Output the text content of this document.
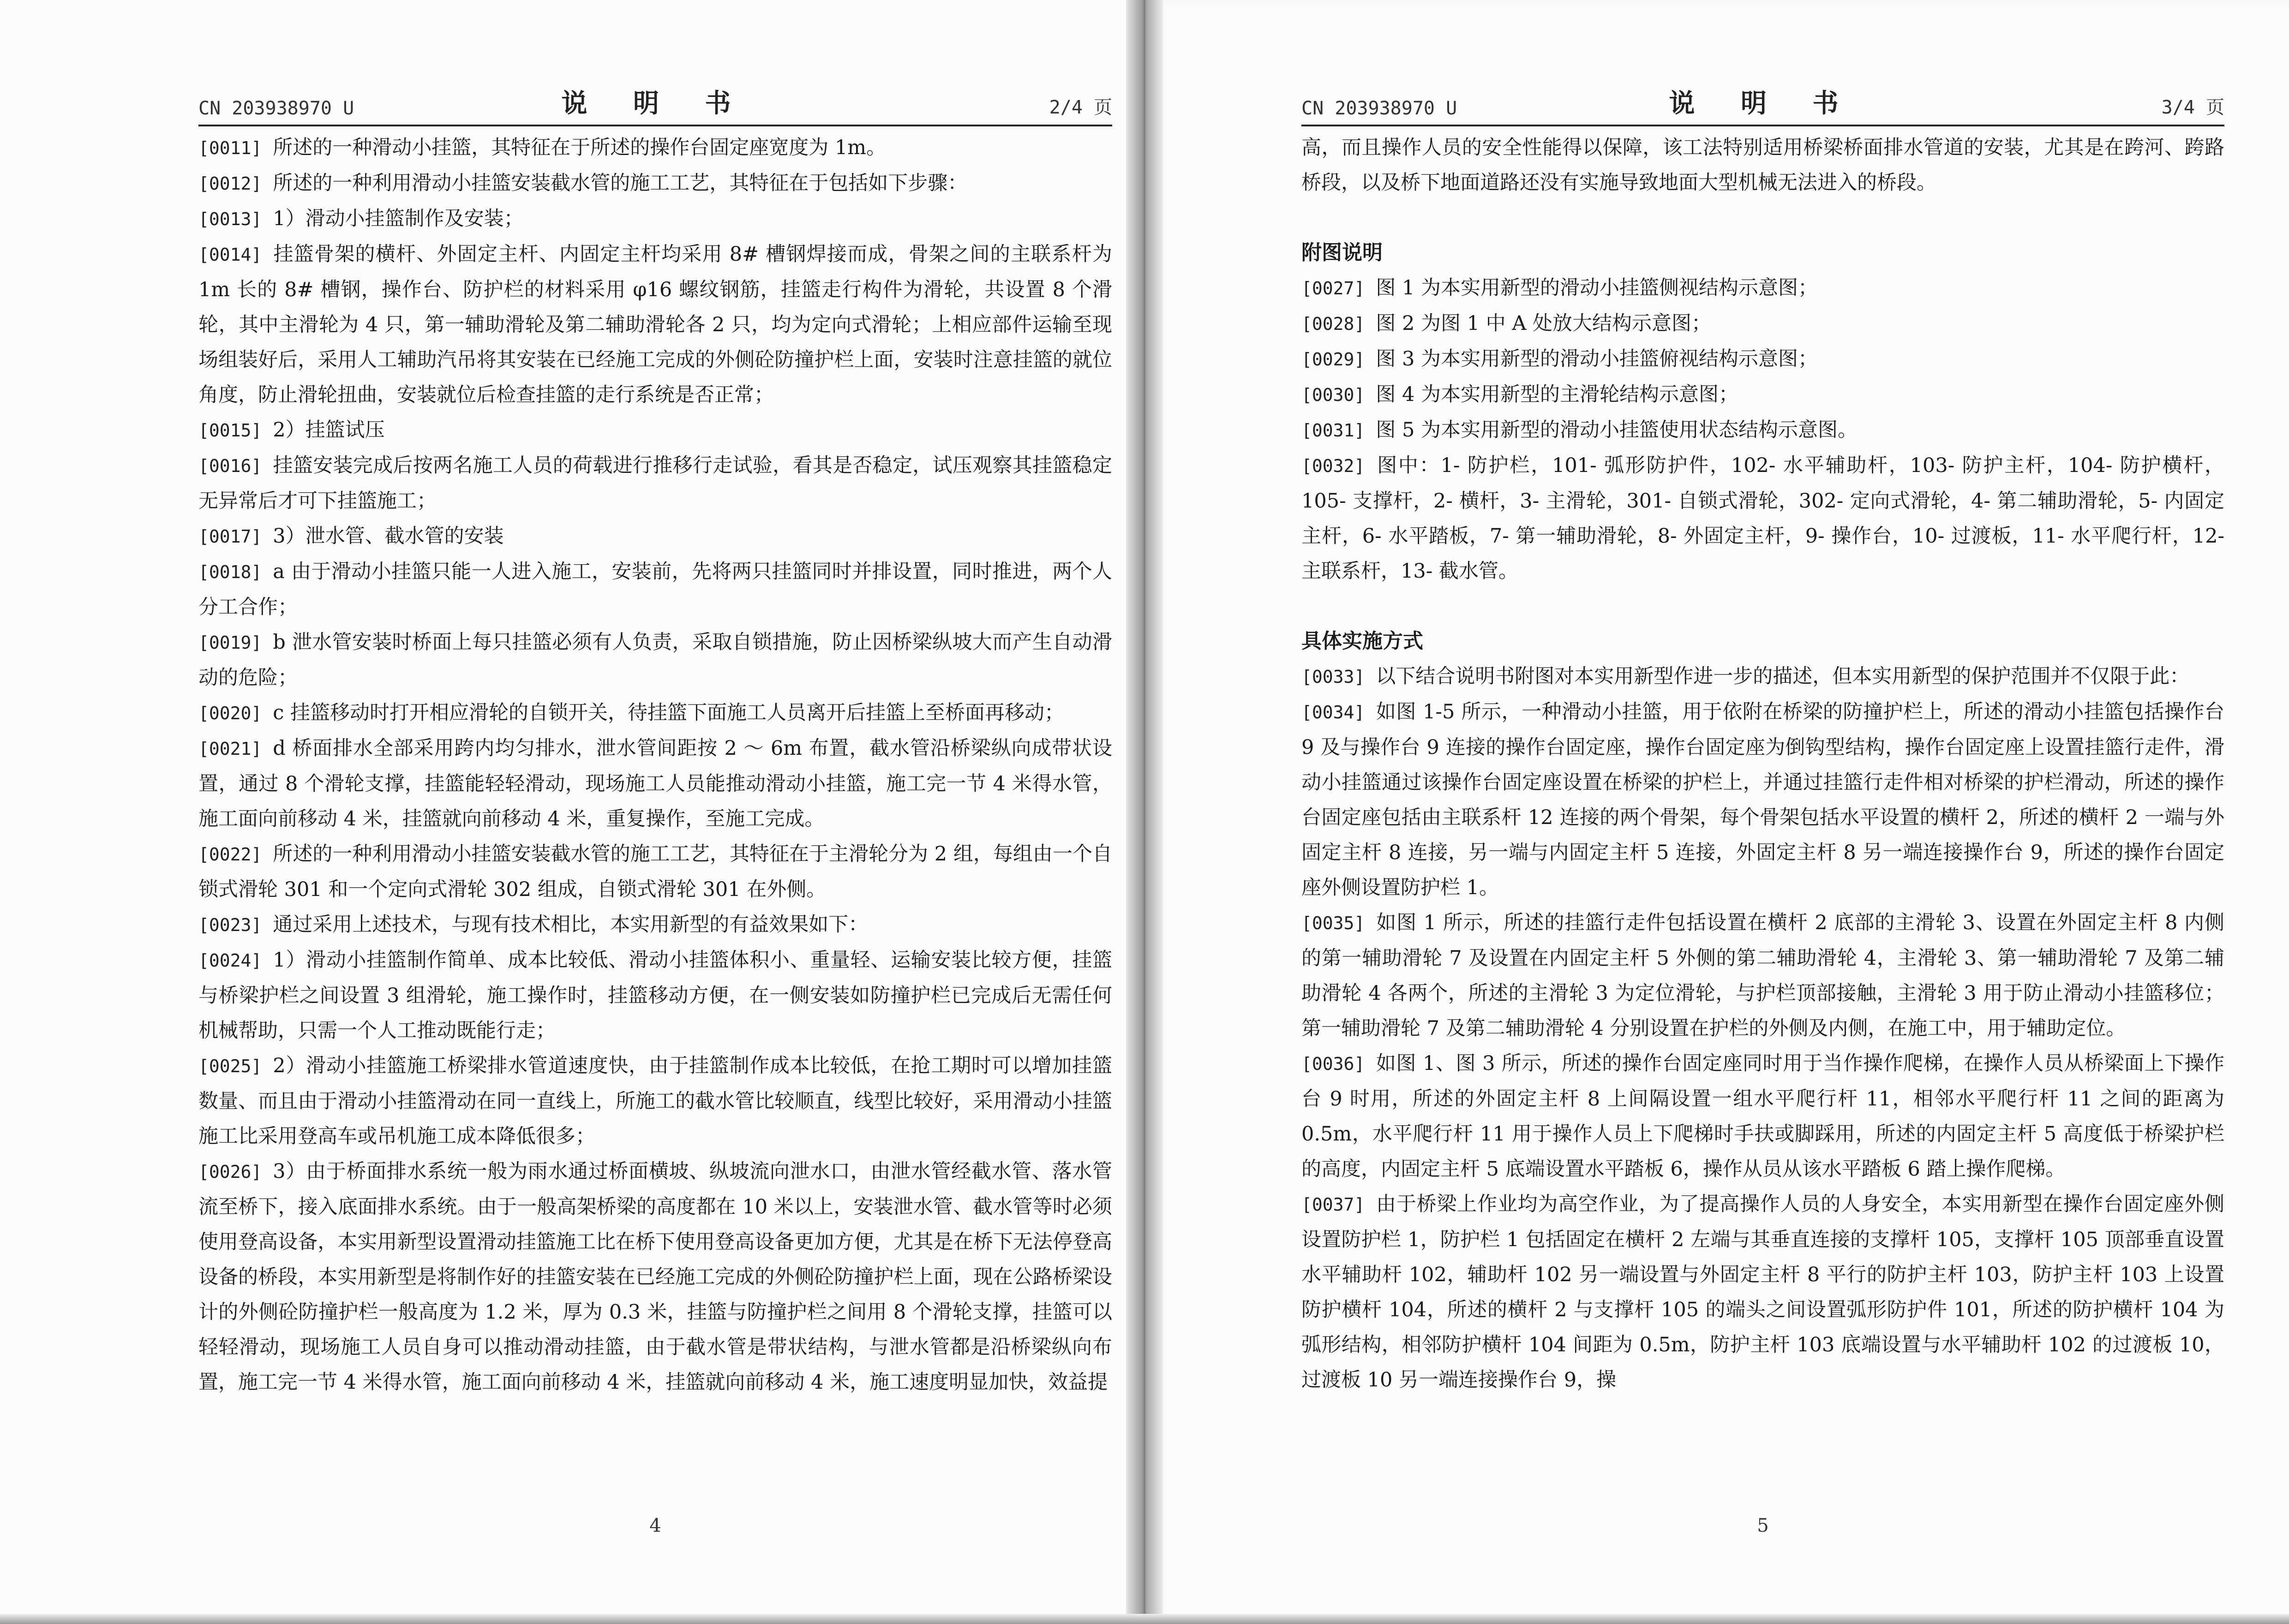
CN 203938970 U	说 明 书	2/4 页

[0011] 所述的一种滑动小挂篮，其特征在于所述的操作台固定座宽度为 1m。

[0012] 所述的一种利用滑动小挂篮安装截水管的施工工艺，其特征在于包括如下步骤：

[0013] 1）滑动小挂篮制作及安装；

[0014] 挂篮骨架的横杆、外固定主杆、内固定主杆均采用 8# 槽钢焊接而成，骨架之间的主联系杆为 1m 长的 8# 槽钢，操作台、防护栏的材料采用 φ16 螺纹钢筋，挂篮走行构件为滑轮，共设置 8 个滑轮，其中主滑轮为 4 只，第一辅助滑轮及第二辅助滑轮各 2 只，均为定向式滑轮；上相应部件运输至现场组装好后，采用人工辅助汽吊将其安装在已经施工完成的外侧砼防撞护栏上面，安装时注意挂篮的就位角度，防止滑轮扭曲，安装就位后检查挂篮的走行系统是否正常；

[0015] 2）挂篮试压

[0016] 挂篮安装完成后按两名施工人员的荷载进行推移行走试验，看其是否稳定，试压观察其挂篮稳定无异常后才可下挂篮施工；

[0017] 3）泄水管、截水管的安装

[0018] a 由于滑动小挂篮只能一人进入施工，安装前，先将两只挂篮同时并排设置，同时推进，两个人分工合作；

[0019] b 泄水管安装时桥面上每只挂篮必须有人负责，采取自锁措施，防止因桥梁纵坡大而产生自动滑动的危险；

[0020] c 挂篮移动时打开相应滑轮的自锁开关，待挂篮下面施工人员离开后挂篮上至桥面再移动；

[0021] d 桥面排水全部采用跨内均匀排水，泄水管间距按 2 ～ 6m 布置，截水管沿桥梁纵向成带状设置，通过 8 个滑轮支撑，挂篮能轻轻滑动，现场施工人员能推动滑动小挂篮，施工完一节 4 米得水管，施工面向前移动 4 米，挂篮就向前移动 4 米，重复操作，至施工完成。

[0022] 所述的一种利用滑动小挂篮安装截水管的施工工艺，其特征在于主滑轮分为 2 组，每组由一个自锁式滑轮 301 和一个定向式滑轮 302 组成，自锁式滑轮 301 在外侧。

[0023] 通过采用上述技术，与现有技术相比，本实用新型的有益效果如下：

[0024] 1）滑动小挂篮制作简单、成本比较低、滑动小挂篮体积小、重量轻、运输安装比较方便，挂篮与桥梁护栏之间设置 3 组滑轮，施工操作时，挂篮移动方便，在一侧安装如防撞护栏已完成后无需任何机械帮助，只需一个人工推动既能行走；

[0025] 2）滑动小挂篮施工桥梁排水管道速度快，由于挂篮制作成本比较低，在抢工期时可以增加挂篮数量、而且由于滑动小挂篮滑动在同一直线上，所施工的截水管比较顺直，线型比较好，采用滑动小挂篮施工比采用登高车或吊机施工成本降低很多；

[0026] 3）由于桥面排水系统一般为雨水通过桥面横坡、纵坡流向泄水口，由泄水管经截水管、落水管流至桥下，接入底面排水系统。由于一般高架桥梁的高度都在 10 米以上，安装泄水管、截水管等时必须使用登高设备，本实用新型设置滑动挂篮施工比在桥下使用登高设备更加方便，尤其是在桥下无法停登高设备的桥段，本实用新型是将制作好的挂篮安装在已经施工完成的外侧砼防撞护栏上面，现在公路桥梁设计的外侧砼防撞护栏一般高度为 1.2 米，厚为 0.3 米，挂篮与防撞护栏之间用 8 个滑轮支撑，挂篮可以轻轻滑动，现场施工人员自身可以推动滑动挂篮，由于截水管是带状结构，与泄水管都是沿桥梁纵向布置，施工完一节 4 米得水管，施工面向前移动 4 米，挂篮就向前移动 4 米，施工速度明显加快，效益提

4
CN 203938970 U	说 明 书	3/4 页

高，而且操作人员的安全性能得以保障，该工法特别适用桥梁桥面排水管道的安装，尤其是在跨河、跨路桥段，以及桥下地面道路还没有实施导致地面大型机械无法进入的桥段。

附图说明

[0027] 图 1 为本实用新型的滑动小挂篮侧视结构示意图；

[0028] 图 2 为图 1 中 A 处放大结构示意图；

[0029] 图 3 为本实用新型的滑动小挂篮俯视结构示意图；

[0030] 图 4 为本实用新型的主滑轮结构示意图；

[0031] 图 5 为本实用新型的滑动小挂篮使用状态结构示意图。

[0032] 图中：1- 防护栏，101- 弧形防护件，102- 水平辅助杆，103- 防护主杆，104- 防护横杆，105- 支撑杆，2- 横杆，3- 主滑轮，301- 自锁式滑轮，302- 定向式滑轮，4- 第二辅助滑轮，5- 内固定主杆，6- 水平踏板，7- 第一辅助滑轮，8- 外固定主杆，9- 操作台，10- 过渡板，11- 水平爬行杆，12- 主联系杆，13- 截水管。

具体实施方式

[0033] 以下结合说明书附图对本实用新型作进一步的描述，但本实用新型的保护范围并不仅限于此：

[0034] 如图 1-5 所示，一种滑动小挂篮，用于依附在桥梁的防撞护栏上，所述的滑动小挂篮包括操作台 9 及与操作台 9 连接的操作台固定座，操作台固定座为倒钩型结构，操作台固定座上设置挂篮行走件，滑动小挂篮通过该操作台固定座设置在桥梁的护栏上，并通过挂篮行走件相对桥梁的护栏滑动，所述的操作台固定座包括由主联系杆 12 连接的两个骨架，每个骨架包括水平设置的横杆 2，所述的横杆 2 一端与外固定主杆 8 连接，另一端与内固定主杆 5 连接，外固定主杆 8 另一端连接操作台 9，所述的操作台固定座外侧设置防护栏 1。

[0035] 如图 1 所示，所述的挂篮行走件包括设置在横杆 2 底部的主滑轮 3、设置在外固定主杆 8 内侧的第一辅助滑轮 7 及设置在内固定主杆 5 外侧的第二辅助滑轮 4，主滑轮 3、第一辅助滑轮 7 及第二辅助滑轮 4 各两个，所述的主滑轮 3 为定位滑轮，与护栏顶部接触，主滑轮 3 用于防止滑动小挂篮移位；第一辅助滑轮 7 及第二辅助滑轮 4 分别设置在护栏的外侧及内侧，在施工中，用于辅助定位。

[0036] 如图 1、图 3 所示，所述的操作台固定座同时用于当作操作爬梯，在操作人员从桥梁面上下操作台 9 时用，所述的外固定主杆 8 上间隔设置一组水平爬行杆 11，相邻水平爬行杆 11 之间的距离为 0.5m，水平爬行杆 11 用于操作人员上下爬梯时手扶或脚踩用，所述的内固定主杆 5 高度低于桥梁护栏的高度，内固定主杆 5 底端设置水平踏板 6，操作从员从该水平踏板 6 踏上操作爬梯。

[0037] 由于桥梁上作业均为高空作业，为了提高操作人员的人身安全，本实用新型在操作台固定座外侧设置防护栏 1，防护栏 1 包括固定在横杆 2 左端与其垂直连接的支撑杆 105，支撑杆 105 顶部垂直设置水平辅助杆 102，辅助杆 102 另一端设置与外固定主杆 8 平行的防护主杆 103，防护主杆 103 上设置防护横杆 104，所述的横杆 2 与支撑杆 105 的端头之间设置弧形防护件 101，所述的防护横杆 104 为弧形结构，相邻防护横杆 104 间距为 0.5m，防护主杆 103 底端设置与水平辅助杆 102 的过渡板 10，过渡板 10 另一端连接操作台 9，操

5
